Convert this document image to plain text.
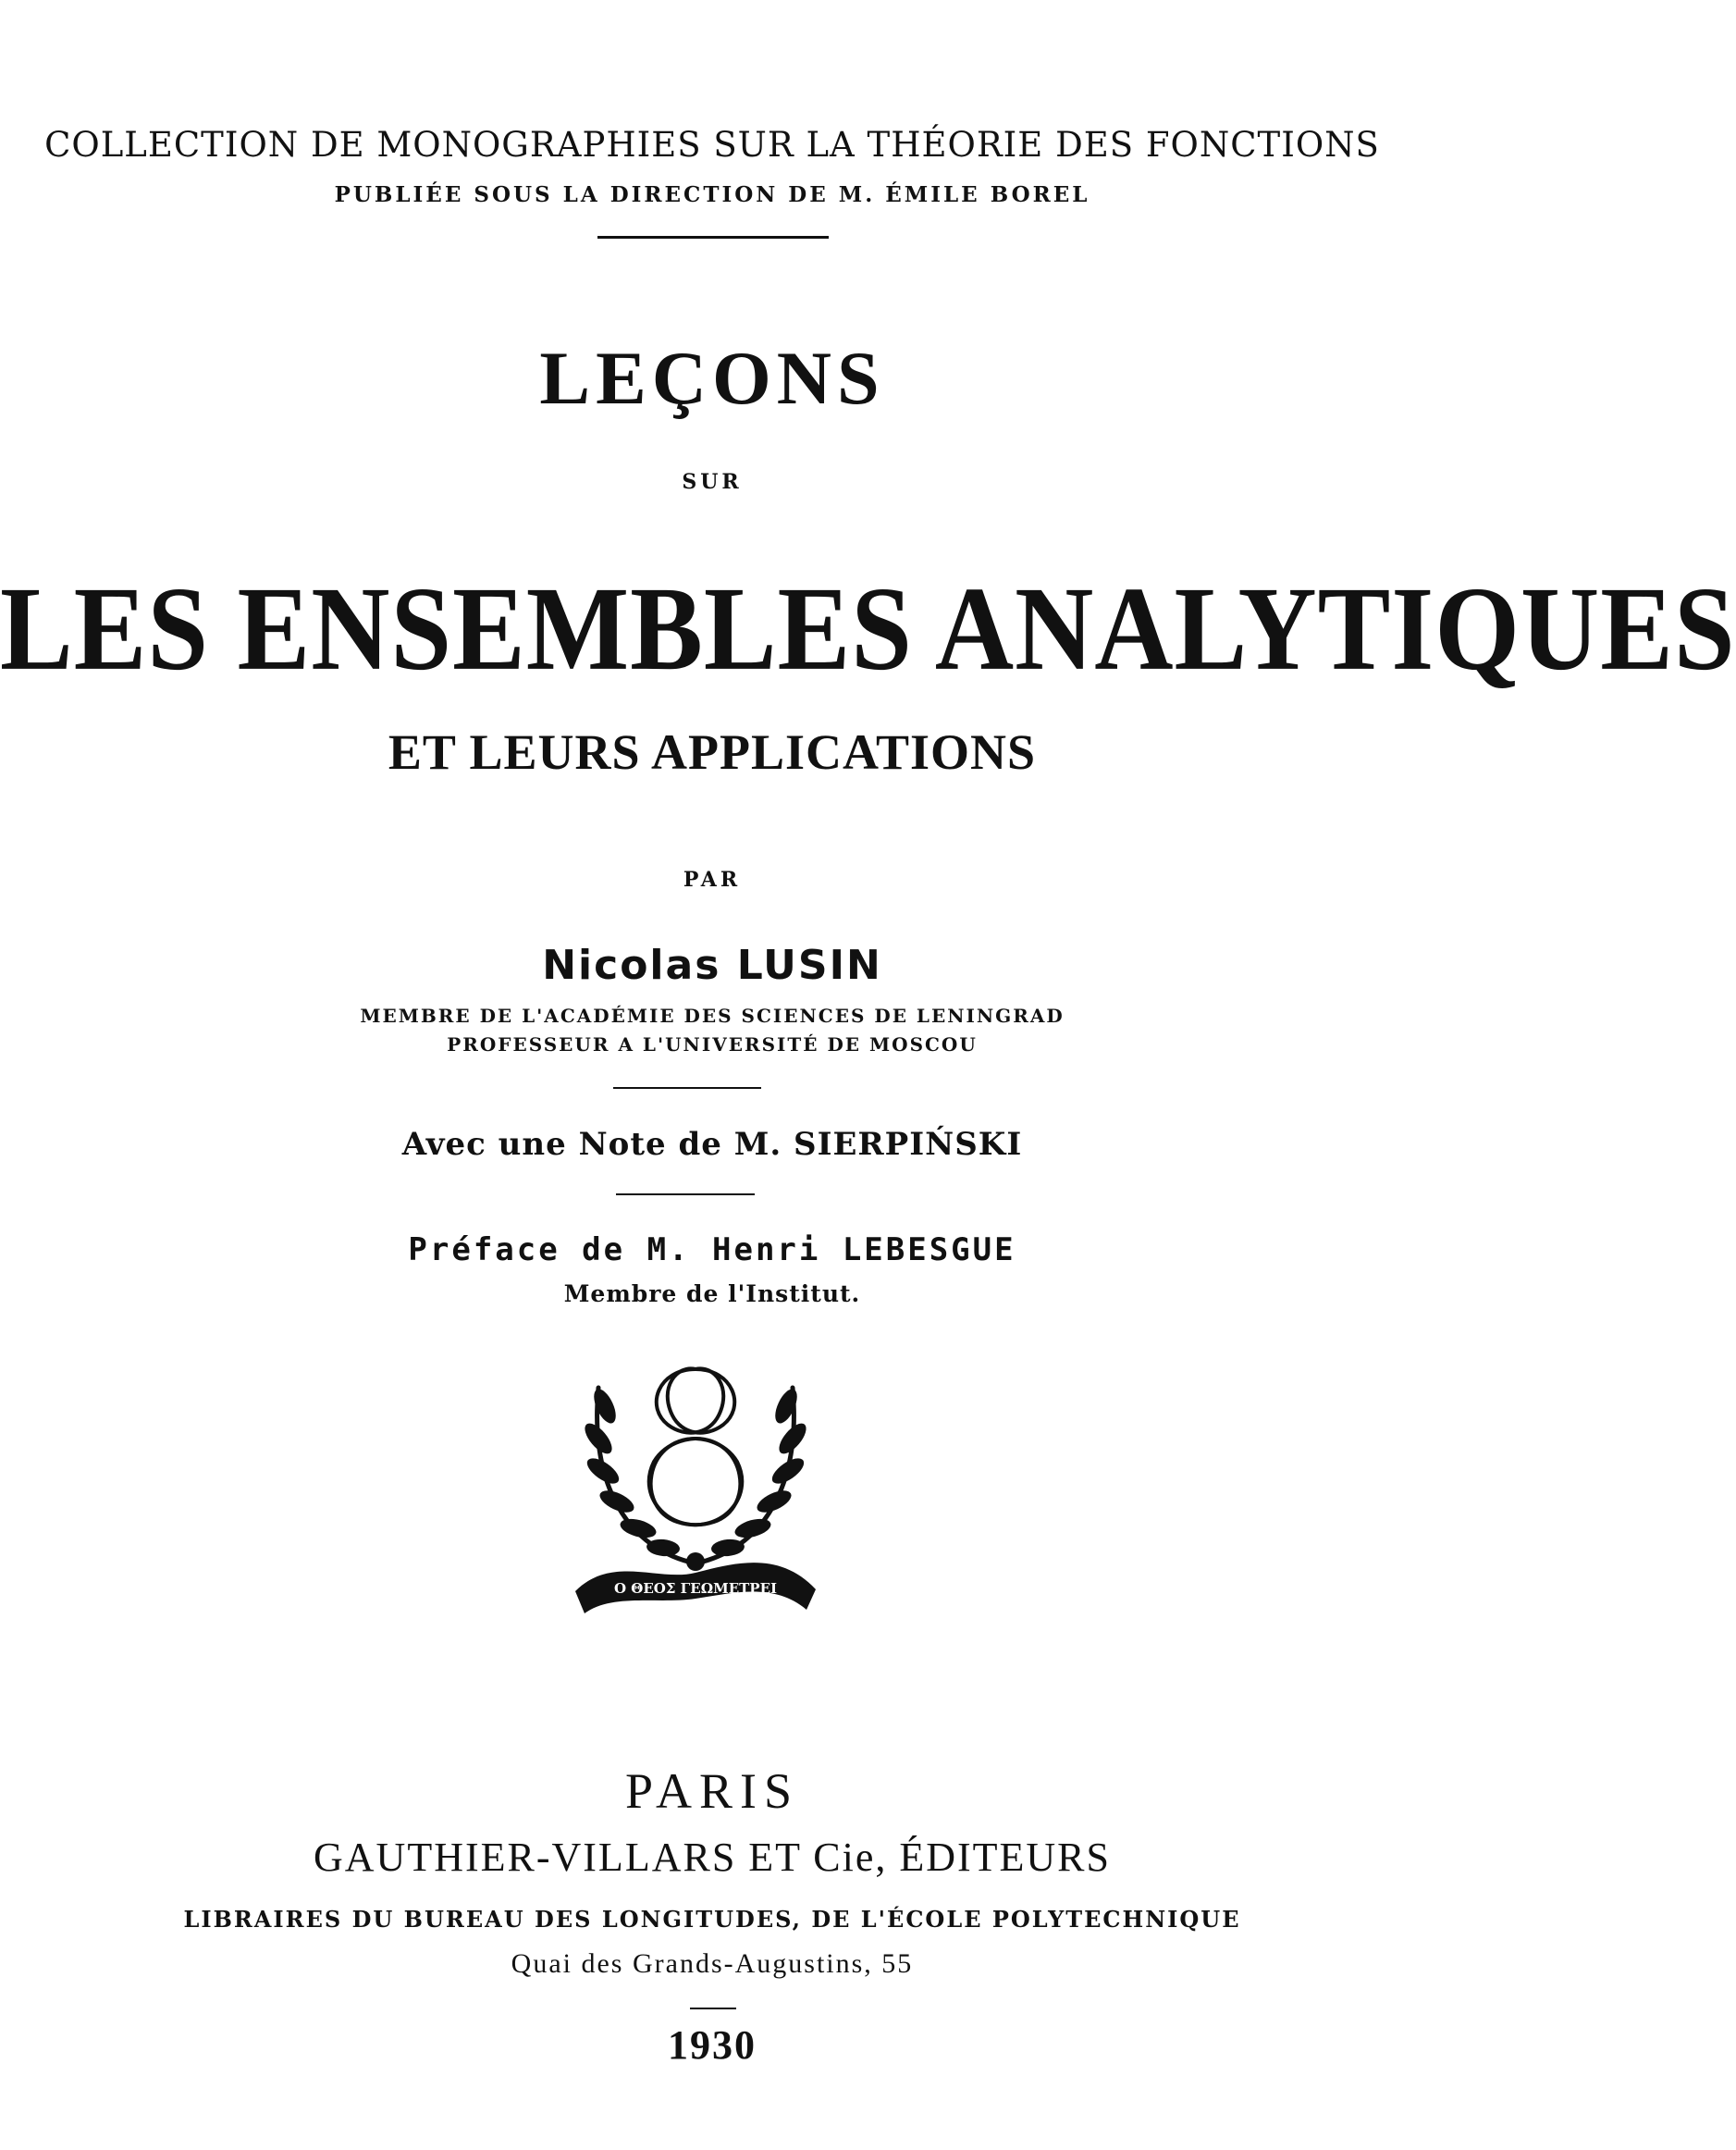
COLLECTION DE MONOGRAPHIES SUR LA THÉORIE DES FONCTIONS
PUBLIÉE SOUS LA DIRECTION DE M. ÉMILE BOREL
LEÇONS
SUR
LES ENSEMBLES ANALYTIQUES
ET LEURS APPLICATIONS
PAR
Nicolas LUSIN
MEMBRE DE L'ACADÉMIE DES SCIENCES DE LENINGRAD
PROFESSEUR A L'UNIVERSITÉ DE MOSCOU
Avec une Note de M. SIERPIŃSKI
Préface de M. Henri LEBESGUE
Membre de l'Institut.
Ο ΘΕΟΣ ΓΕΩΜΕΤΡΕΙ
PARIS
GAUTHIER-VILLARS ET Cie, ÉDITEURS
LIBRAIRES DU BUREAU DES LONGITUDES, DE L'ÉCOLE POLYTECHNIQUE
Quai des Grands-Augustins, 55
1930
